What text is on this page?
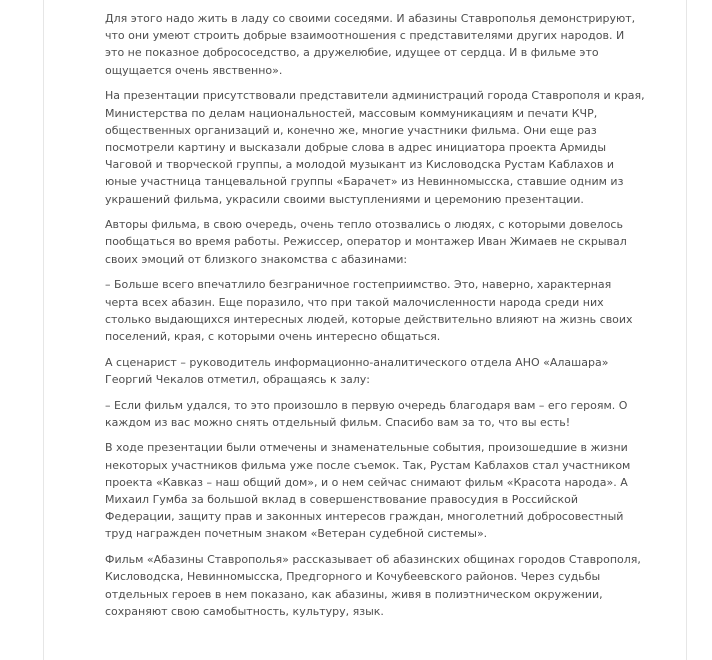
Для этого надо жить в ладу со своими соседями. И абазины Ставрополья демонстрируют, что они умеют строить добрые взаимоотношения с представителями других народов. И это не показное добрососедство, а дружелюбие, идущее от сердца. И в фильме это ощущается очень явственно».

На презентации присутствовали представители администраций города Ставрополя и края, Министерства по делам национальностей, массовым коммуникациям и печати КЧР, общественных организаций и, конечно же, многие участники фильма. Они еще раз посмотрели картину и высказали добрые слова в адрес инициатора проекта Армиды Чаговой и творческой группы, а молодой музыкант из Кисловодска Рустам Каблахов и юные участница танцевальной группы «Барачет» из Невинномысска, ставшие одним из украшений фильма, украсили своими выступлениями и церемонию презентации.

Авторы фильма, в свою очередь, очень тепло отозвались о людях, с которыми довелось пообщаться во время работы. Режиссер, оператор и монтажер Иван Жимаев не скрывал своих эмоций от близкого знакомства с абазинами:

– Больше всего впечатлило безграничное гостеприимство. Это, наверно, характерная черта всех абазин. Еще поразило, что при такой малочисленности народа среди них столько выдающихся интересных людей, которые действительно влияют на жизнь своих поселений, края, с которыми очень интересно общаться.

А сценарист – руководитель информационно-аналитического отдела АНО «Алашара» Георгий Чекалов отметил, обращаясь к залу:

– Если фильм удался, то это произошло в первую очередь благодаря вам – его героям. О каждом из вас можно снять отдельный фильм. Спасибо вам за то, что вы есть!

В ходе презентации были отмечены и знаменательные события, произошедшие в жизни некоторых участников фильма уже после съемок. Так, Рустам Каблахов стал участником проекта «Кавказ – наш общий дом», и о нем сейчас снимают фильм «Красота народа». А Михаил Гумба за большой вклад в совершенствование правосудия в Российской Федерации, защиту прав и законных интересов граждан, многолетний добросовестный труд награжден почетным знаком «Ветеран судебной системы».

Фильм «Абазины Ставрополья» рассказывает об абазинских общинах городов Ставрополя, Кисловодска, Невинномысска, Предгорного и Кочубеевского районов. Через судьбы отдельных героев в нем показано, как абазины, живя в полиэтническом окружении, сохраняют свою самобытность, культуру, язык.
